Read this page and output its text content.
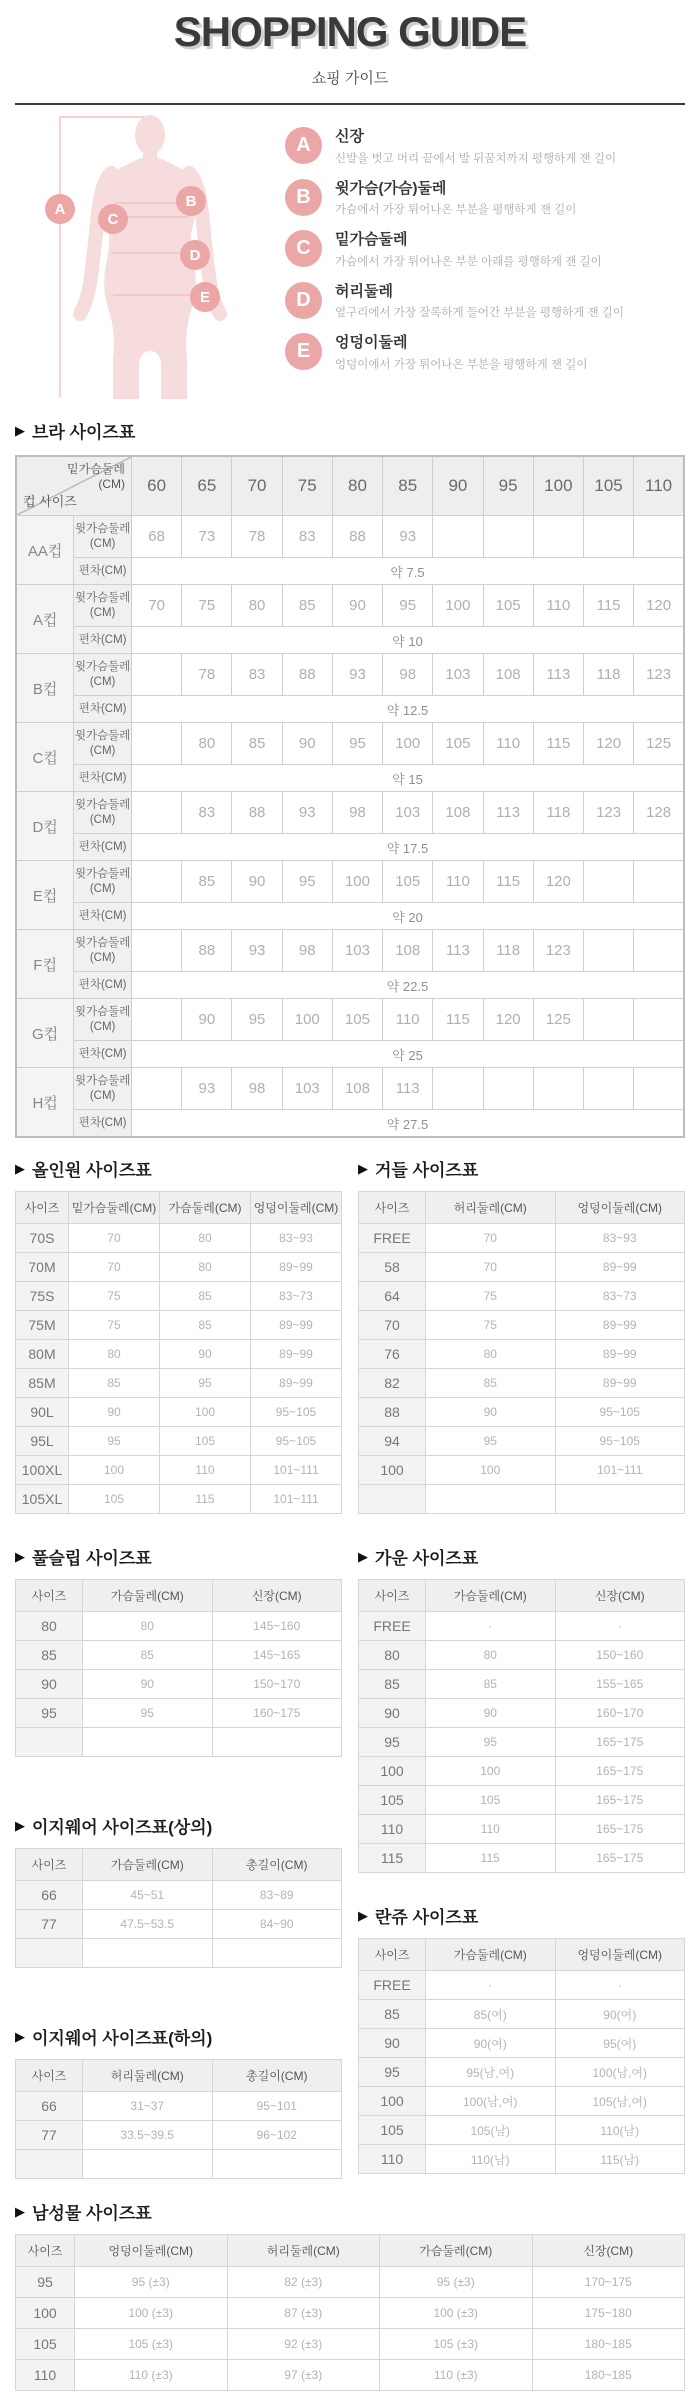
SHOPPING GUIDE
쇼핑 가이드
A	B
C
D
E
A	신장
신발을 벗고 머리 끝에서 발 뒤꿈치까지 평행하게 잰 길이
B	윗가슴(가슴)둘레
가슴에서 가장 튀어나온 부분을 평행하게 잰 길이
C	밑가슴둘레
가슴에서 가장 튀어나온 부분 아래를 평행하게 잰 길이
D	허리둘레
옆구리에서 가장 잘록하게 들어간 부분을 평행하게 잰 길이
E	엉덩이둘레
엉덩이에서 가장 튀어나온 부분을 평행하게 잰 길이
▶ 브라 사이즈표
밑가슴둘레(CM)
컵 사이즈		60	65	70	75	80	85	90	95	100	105	110
AA컵	윗가슴둘레(CM)	68	73	78	83	88	93					
	편차(CM)	약 7.5										
A컵	윗가슴둘레(CM)	70	75	80	85	90	95	100	105	110	115	120
	편차(CM)	약 10										
B컵	윗가슴둘레(CM)		78	83	88	93	98	103	108	113	118	123
	편차(CM)	약 12.5										
C컵	윗가슴둘레(CM)		80	85	90	95	100	105	110	115	120	125
	편차(CM)	약 15										
D컵	윗가슴둘레(CM)		83	88	93	98	103	108	113	118	123	128
	편차(CM)	약 17.5										
E컵	윗가슴둘레(CM)		85	90	95	100	105	110	115	120		
	편차(CM)	약 20										
F컵	윗가슴둘레(CM)		88	93	98	103	108	113	118	123		
	편차(CM)	약 22.5										
G컵	윗가슴둘레(CM)		90	95	100	105	110	115	120	125		
	편차(CM)	약 25										
H컵	윗가슴둘레(CM)		93	98	103	108	113					
	편차(CM)	약 27.5										
▶ 올인원 사이즈표
사이즈	밑가슴둘레(CM)	가슴둘레(CM)	엉덩이둘레(CM)
70S	70	80	83~93
70M	70	80	89~99
75S	75	85	83~73
75M	75	85	89~99
80M	80	90	89~99
85M	85	95	89~99
90L	90	100	95~105
95L	95	105	95~105
100XL	100	110	101~111
105XL	105	115	101~111
▶ 풀슬립 사이즈표
사이즈	가슴둘레(CM)	신장(CM)
80	80	145~160
85	85	145~165
90	90	150~170
95	95	160~175

▶ 이지웨어 사이즈표(상의)
사이즈	가슴둘레(CM)	총길이(CM)
66	45~51	83~89
77	47.5~53.5	84~90

▶ 이지웨어 사이즈표(하의)
사이즈	허리둘레(CM)	총길이(CM)
66	31~37	95~101
77	33.5~39.5	96~102

▶ 거들 사이즈표
사이즈	허리둘레(CM)	엉덩이둘레(CM)
FREE	70	83~93
58	70	89~99
64	75	83~73
70	75	89~99
76	80	89~99
82	85	89~99
88	90	95~105
94	95	95~105
100	100	101~111

▶ 가운 사이즈표
사이즈	가슴둘레(CM)	신장(CM)
FREE	·	·
80	80	150~160
85	85	155~165
90	90	160~170
95	95	165~175
100	100	165~175
105	105	165~175
110	110	165~175
115	115	165~175
▶ 란쥬 사이즈표
사이즈	가슴둘레(CM)	엉덩이둘레(CM)
FREE	·	·
85	85(여)	90(여)
90	90(여)	95(여)
95	95(남,여)	100(남,여)
100	100(남,여)	105(남,여)
105	105(남)	110(남)
110	110(남)	115(남)
▶ 남성물 사이즈표
사이즈	엉덩이둘레(CM)	허리둘레(CM)	가슴둘레(CM)	신장(CM)
95	95 (±3)	82 (±3)	95 (±3)	170~175
100	100 (±3)	87 (±3)	100 (±3)	175~180
105	105 (±3)	92 (±3)	105 (±3)	180~185
110	110 (±3)	97 (±3)	110 (±3)	180~185
